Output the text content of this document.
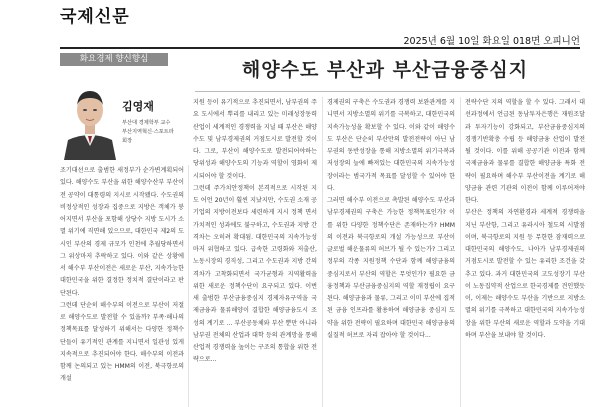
국제신문
2025년 6월 10일 화요일 018면 오피니언
화요경제 향신향심	해양수도 부산과 부산금융중심지
김영재
부산대 경제학부 교수
부산지역혁신·스포트라
회장

조기대선으로 출범한 새정부가 순가변계획되어 있다. 해양수도 부산을 위한 해양수산부 부산이전 공약이 대통령의 지시로 시작됐다. 수도권의 비정상적인 성장과 집중으로 지방은 객체가 붕어지면서 부산을 포함해 상당수 지방 도시가 소멸 위기에 직면해 있으므로, 대한민국 제2의 도시인 부산의 경제 규모가 인천에 추월당하면서 그 위상마저 추락하고 있다. 이와 같은 상황에서 해수부 부산이전은 새로운 부산, 지속가능한 대한민국을 위한 결정한 정치적 결단이라고 판단된다.

그런데 단순히 해수부의 이전으로 부산이 저절로 해양수도로 발전할 수 있을까? 부족·해나의 정책목표를 달성하기 위해서는 다양한 정책수단들이 유기적인 관계를 지니면서 일관성 있게 지속적으로 추진되어야 한다. 해수부의 이전과 함께 논의되고 있는 HMM의 이전, 북극항로의 개설

지원 등이 유기적으로 추진되면서, 남부권의 주요 도시에서 뿌리를 내리고 있는 미래성장동력산업이 세계적인 경쟁력을 지닐 때 부산은 해양수도 및 남부경제권의 거점도시로 발전할 것이다. 그로, 부산이 해양수도로 발전되어야하는 당위성과 해양수도의 기능과 역할이 영화히 제시되어야 할 것이다.

그런데 주가치안정책이 본격적으로 시작된 지도 어언 20년이 훨씬 지났지만, 수도권 소재 공기업의 지방이전보다 세련하게 지시 정책 면서 가치적인 성과에도 불구하고, 수도권과 지방 간 격차는 오히려 확대됨. 대한민국의 지속가능성마저 위협하고 있다. 급속한 고령화와 저출산, 노동시장의 경직성, 그리고 수도권과 지방 간의 격차가 고착화되면서 국가균형과 지역활력을 위한 새로운 정책수단이 요구되고 있다. 이번 새 출범한 부산금융중심지 경제자유구역을 국제금융과 물류해양이 결합한 해양금융도시 조성의 계기로 ... 부산공동체와 부산 뿐만 아니라 남부권 전체의 산업과 대학 등의 관계망을 통해 산업적 경쟁력을 높이는 구조의 통합을 위한 전략으로...

경제권의 구축은 수도권과 경쟁력 보완관계를 지니면서 지방소멸의 위기를 극복하고, 대한민국의 지속가능성을 확보할 수 있다. 이와 같이 해양수도 부산은 단순히 부산만의 발전전략이 아닌 남부권의 동반성장을 통해 지방소멸의 위기극복과 저성장의 늪에 빠져있는 대한민국의 지속가능성장이라는 범국가적 목표를 달성할 수 있어야 한다.

그러면 해수부 이전으로 촉발된 해양수도 부산과 남부경제권의 구축은 가능한 정책목표인가? 이를 위한 다양한 정책수단은 존재하는가? HMM의 이전과 북극항로의 개설 가능성으로 부산이 글로벌 해운물류의 허브가 될 수 있는가? 그리고 정부의 각종 지원정책 수단과 함께 해양금융의 중심지로서 부산의 역할은 무엇인가? 필요한 금융정책과 부산금융중심지의 역할 재정립이 요구된다. 해양금융과 물류, 그리고 이미 부산에 집적된 금융 인프라를 활용하여 해양금융 중심지 도약을 위한 전략이 필요하며 대한민국 해양금융의 실질적 허브로 자리 잡아야 할 것이다...

전략수단 지의 역할을 할 수 있다. 그래서 대선과정에서 언급된 동남투자은행은 재원조달과 투자기능이 강화되고, 부산금융중심지의 경쟁기반확충 수립 등 해양금융 산업이 발전될 것이다. 이를 위해 공공기관 이전과 함께 국제금융과 물류를 결합한 해양금융 특화 전략이 필요하며 해수부 부산이전을 계기로 해양금융 관련 기관의 이전이 함께 이루어져야 한다.

부산은 정책의 자연환경과 세계적 경쟁력을 지닌 부산항, 그리고 유라시아 철도의 시발점이며, 북극항로의 지원 등 무한한 잠재력으로 대한민국의 해양수도, 나아가 남부경제권의 거점도시로 발전할 수 있는 유리한 조건을 갖추고 있다. 과거 대한민국의 고도성장기 부산이 노동집약적 산업으로 한국경제를 견인했듯이, 이제는 해양수도 부산을 기반으로 지방소멸의 위기를 극복하고 대한민국의 지속가능성장을 위한 부산의 새로운 역할과 도약을 기대하며 부산을 보내야 할 것이다.
